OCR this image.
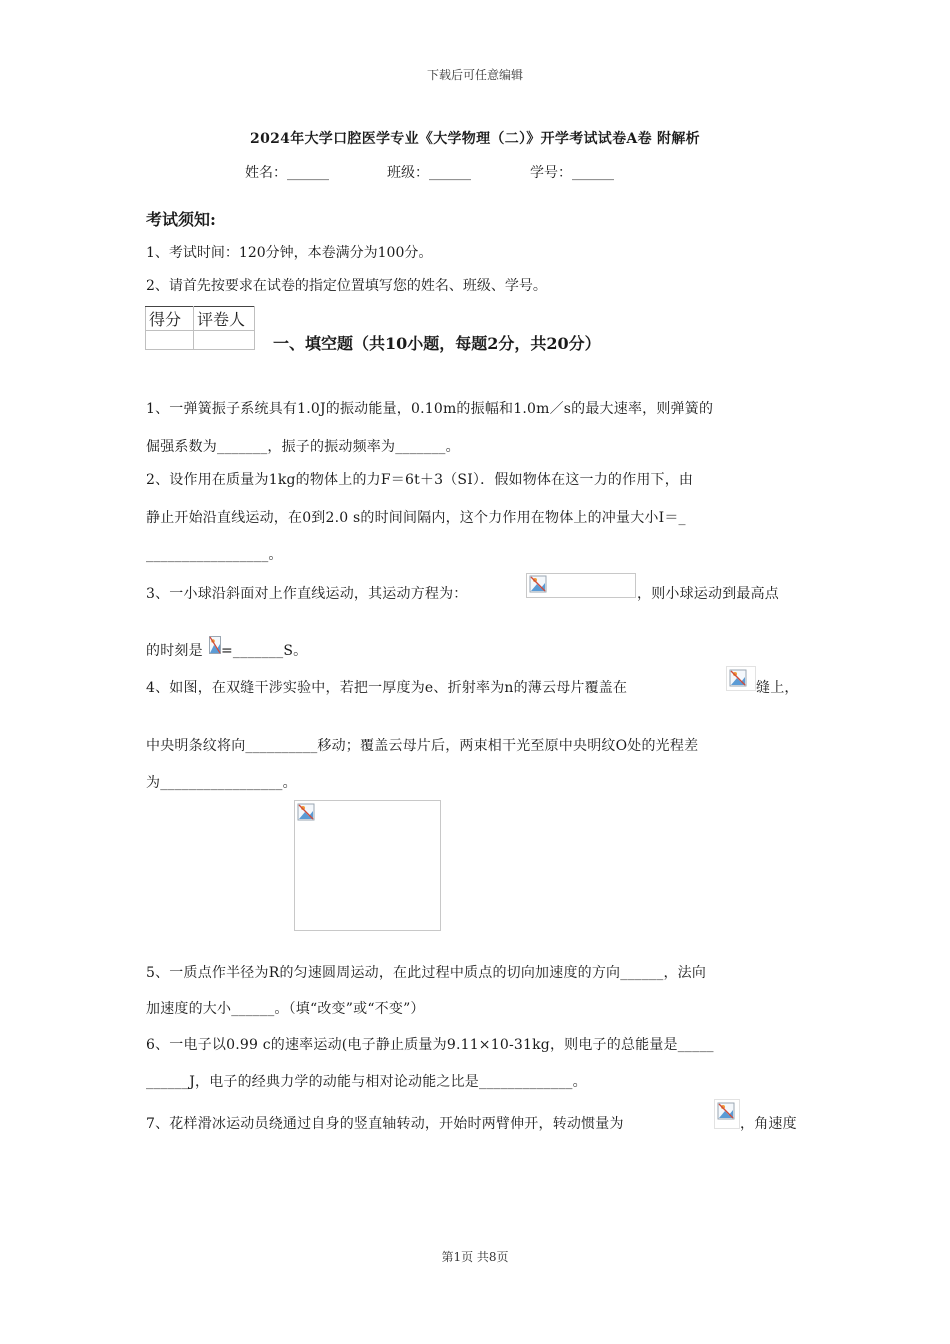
下载后可任意编辑
2024年大学口腔医学专业《大学物理（二）》开学考试试卷A卷 附解析
姓名：______	班级：______	学号：______
考试须知:
1、考试时间：120分钟，本卷满分为100分。
2、请首先按要求在试卷的指定位置填写您的姓名、班级、学号。
得分	评卷人

一、填空题（共10小题，每题2分，共20分）
1、一弹簧振子系统具有1.0J的振动能量，0.10m的振幅和1.0m／s的最大速率，则弹簧的
倔强系数为_______，振子的振动频率为_______。
2、设作用在质量为1kg的物体上的力F＝6t＋3（SI）．假如物体在这一力的作用下，由
静止开始沿直线运动，在0到2.0 s的时间间隔内，这个力作用在物体上的冲量大小I＝_
_________________。
3、一小球沿斜面对上作直线运动，其运动方程为：	，则小球运动到最高点
的时刻是 =_______S。
4、如图，在双缝干涉实验中，若把一厚度为e、折射率为n的薄云母片覆盖在	缝上，
中央明条纹将向__________移动；覆盖云母片后，两束相干光至原中央明纹O处的光程差
为_________________。
5、一质点作半径为R的匀速圆周运动，在此过程中质点的切向加速度的方向______，法向
加速度的大小______。（填“改变”或“不变”）
6、一电子以0.99 c的速率运动(电子静止质量为9.11×10-31kg，则电子的总能量是_____
______J，电子的经典力学的动能与相对论动能之比是_____________。
7、花样滑冰运动员绕通过自身的竖直轴转动，开始时两臂伸开，转动惯量为	，角速度
第1页 共8页
